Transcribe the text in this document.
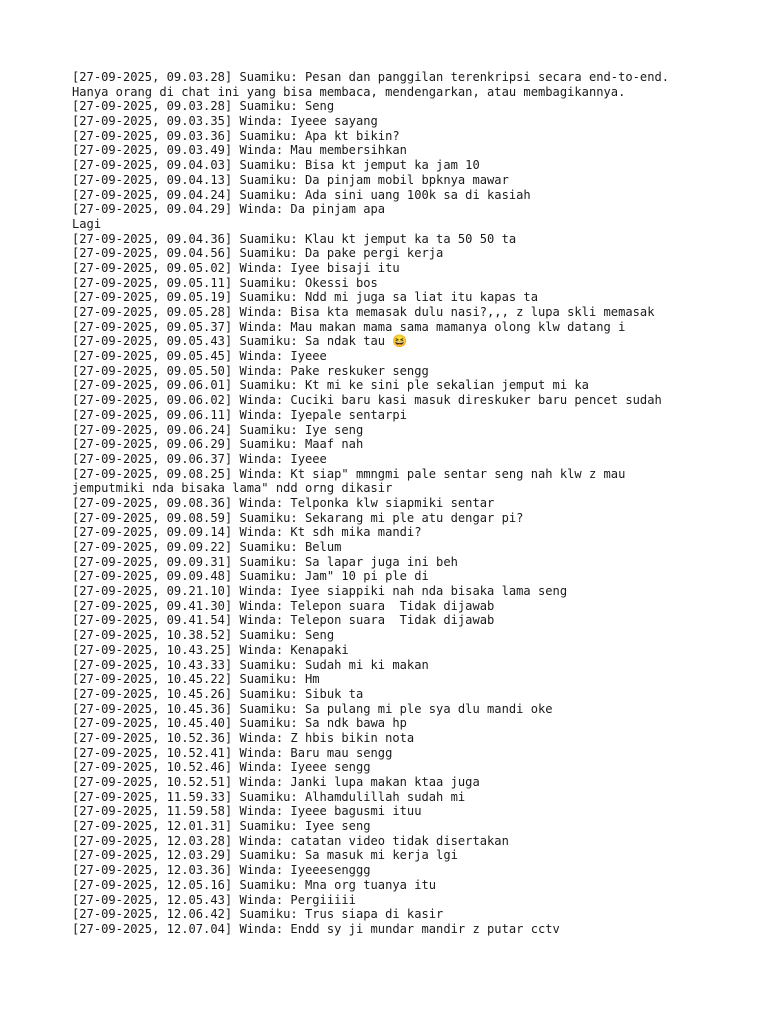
[27-09-2025, 09.03.28] Suamiku: Pesan dan panggilan terenkripsi secara end-to-end.
Hanya orang di chat ini yang bisa membaca, mendengarkan, atau membagikannya.
[27-09-2025, 09.03.28] Suamiku: Seng
[27-09-2025, 09.03.35] Winda: Iyeee sayang
[27-09-2025, 09.03.36] Suamiku: Apa kt bikin?
[27-09-2025, 09.03.49] Winda: Mau membersihkan
[27-09-2025, 09.04.03] Suamiku: Bisa kt jemput ka jam 10
[27-09-2025, 09.04.13] Suamiku: Da pinjam mobil bpknya mawar
[27-09-2025, 09.04.24] Suamiku: Ada sini uang 100k sa di kasiah
[27-09-2025, 09.04.29] Winda: Da pinjam apa
Lagi
[27-09-2025, 09.04.36] Suamiku: Klau kt jemput ka ta 50 50 ta
[27-09-2025, 09.04.56] Suamiku: Da pake pergi kerja
[27-09-2025, 09.05.02] Winda: Iyee bisaji itu
[27-09-2025, 09.05.11] Suamiku: Okessi bos
[27-09-2025, 09.05.19] Suamiku: Ndd mi juga sa liat itu kapas ta
[27-09-2025, 09.05.28] Winda: Bisa kta memasak dulu nasi?,,, z lupa skli memasak
[27-09-2025, 09.05.37] Winda: Mau makan mama sama mamanya olong klw datang i
[27-09-2025, 09.05.43] Suamiku: Sa ndak tau 😆
[27-09-2025, 09.05.45] Winda: Iyeee
[27-09-2025, 09.05.50] Winda: Pake reskuker sengg
[27-09-2025, 09.06.01] Suamiku: Kt mi ke sini ple sekalian jemput mi ka
[27-09-2025, 09.06.02] Winda: Cuciki baru kasi masuk direskuker baru pencet sudah
[27-09-2025, 09.06.11] Winda: Iyepale sentarpi
[27-09-2025, 09.06.24] Suamiku: Iye seng
[27-09-2025, 09.06.29] Suamiku: Maaf nah
[27-09-2025, 09.06.37] Winda: Iyeee
[27-09-2025, 09.08.25] Winda: Kt siap" mmngmi pale sentar seng nah klw z mau
jemputmiki nda bisaka lama" ndd orng dikasir
[27-09-2025, 09.08.36] Winda: Telponka klw siapmiki sentar
[27-09-2025, 09.08.59] Suamiku: Sekarang mi ple atu dengar pi?
[27-09-2025, 09.09.14] Winda: Kt sdh mika mandi?
[27-09-2025, 09.09.22] Suamiku: Belum
[27-09-2025, 09.09.31] Suamiku: Sa lapar juga ini beh
[27-09-2025, 09.09.48] Suamiku: Jam" 10 pi ple di
[27-09-2025, 09.21.10] Winda: Iyee siappiki nah nda bisaka lama seng
[27-09-2025, 09.41.30] Winda: Telepon suara  Tidak dijawab
[27-09-2025, 09.41.54] Winda: Telepon suara  Tidak dijawab
[27-09-2025, 10.38.52] Suamiku: Seng
[27-09-2025, 10.43.25] Winda: Kenapaki
[27-09-2025, 10.43.33] Suamiku: Sudah mi ki makan
[27-09-2025, 10.45.22] Suamiku: Hm
[27-09-2025, 10.45.26] Suamiku: Sibuk ta
[27-09-2025, 10.45.36] Suamiku: Sa pulang mi ple sya dlu mandi oke
[27-09-2025, 10.45.40] Suamiku: Sa ndk bawa hp
[27-09-2025, 10.52.36] Winda: Z hbis bikin nota
[27-09-2025, 10.52.41] Winda: Baru mau sengg
[27-09-2025, 10.52.46] Winda: Iyeee sengg
[27-09-2025, 10.52.51] Winda: Janki lupa makan ktaa juga
[27-09-2025, 11.59.33] Suamiku: Alhamdulillah sudah mi
[27-09-2025, 11.59.58] Winda: Iyeee bagusmi ituu
[27-09-2025, 12.01.31] Suamiku: Iyee seng
[27-09-2025, 12.03.28] Winda: catatan video tidak disertakan
[27-09-2025, 12.03.29] Suamiku: Sa masuk mi kerja lgi
[27-09-2025, 12.03.36] Winda: Iyeeesenggg
[27-09-2025, 12.05.16] Suamiku: Mna org tuanya itu
[27-09-2025, 12.05.43] Winda: Pergiiiii
[27-09-2025, 12.06.42] Suamiku: Trus siapa di kasir
[27-09-2025, 12.07.04] Winda: Endd sy ji mundar mandir z putar cctv
